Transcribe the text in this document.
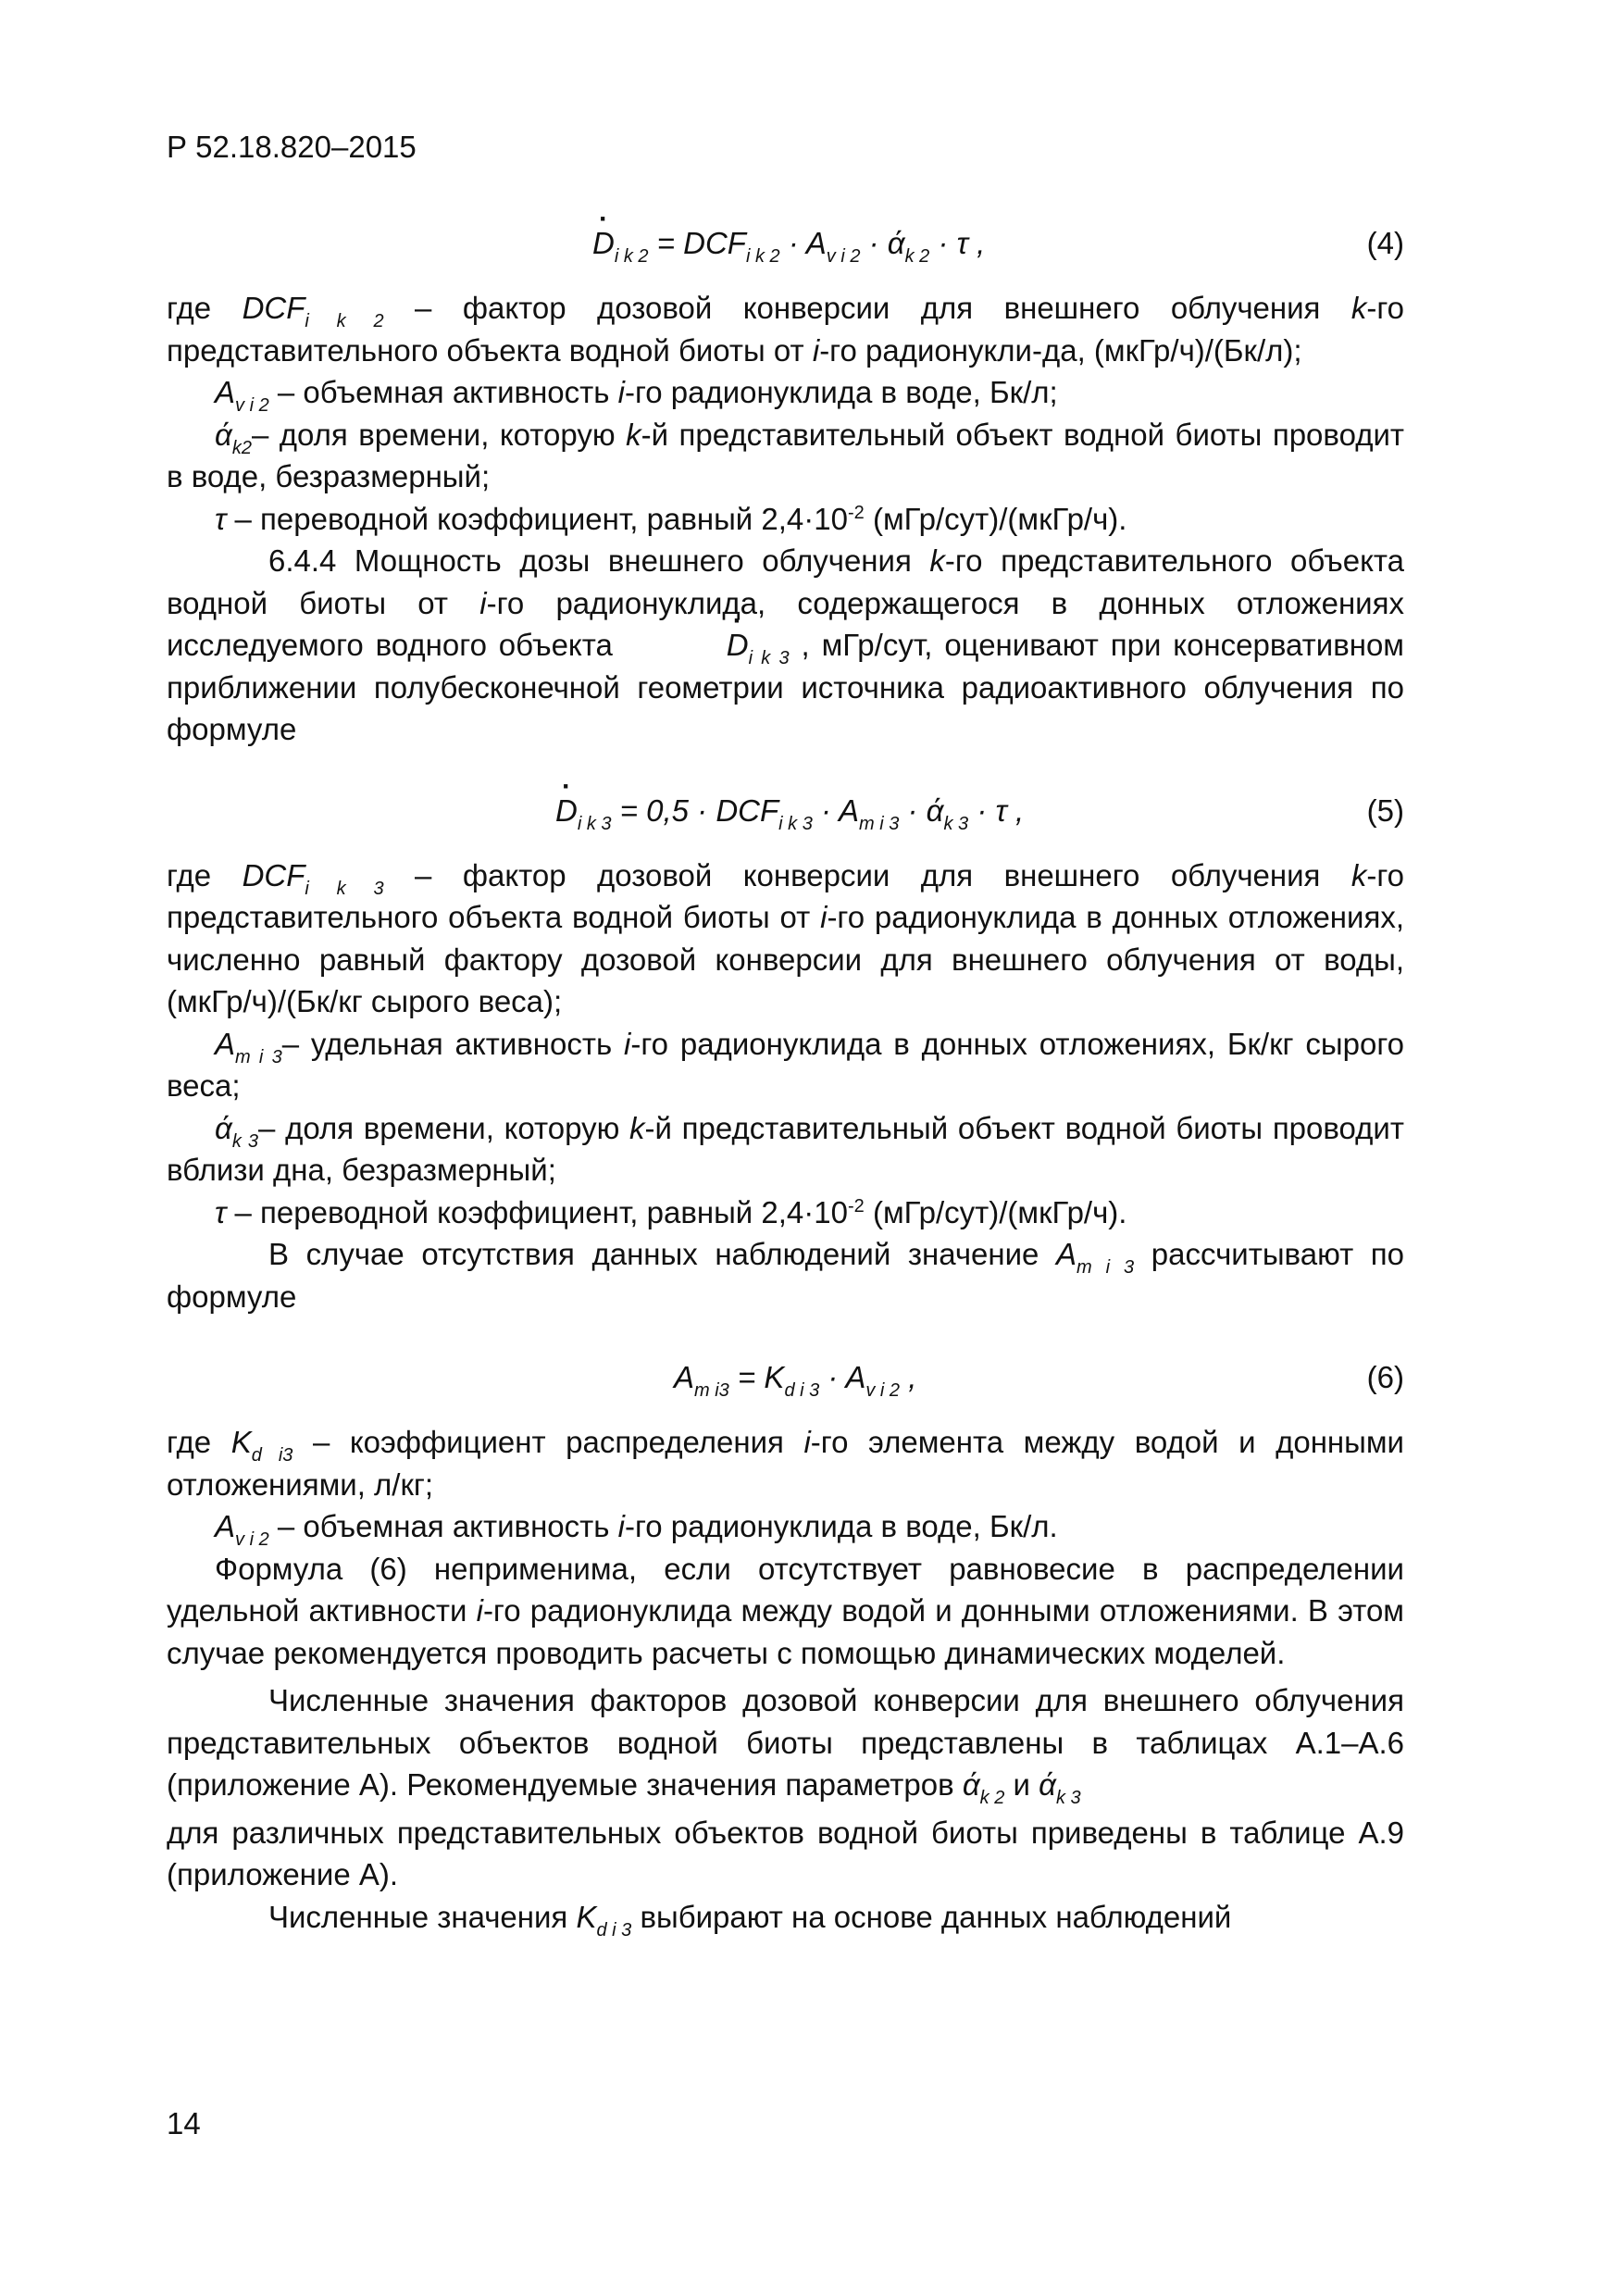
Р 52.18.820–2015
· $D_{i k 2} = DCF_{i k 2} \cdot A_{v i 2} \cdot ά_{k 2} \cdot \tau$ ,	(4)

где $DCF_{i k 2}$ – фактор дозовой конверсии для внешнего облучения k-го представительного объекта водной биоты от i-го радионукли-да, (мкГр/ч)/(Бк/л);

$A_{v i 2}$ – объемная активность i-го радионуклида в воде, Бк/л;

$ά_{k2}-$ доля времени, которую k-й представительный объект водной биоты проводит в воде, безразмерный;

τ – переводной коэффициент, равный $2,4\cdot 10^{-2}$ (мГр/сут)/(мкГр/ч).

6.4.4 Мощность дозы внешнего облучения k-го представительного объекта водной биоты от i-го радионуклида, содержащегося в донных отложениях исследуемого водного объекта ·	$D_{i k 3}$ , мГр/сут, оценивают при консервативном приближении полубесконечной геометрии источника радиоактивного облучения по формуле

· $D_{i k 3} = 0,5 \cdot DCF_{i k 3} \cdot A_{m i 3} \cdot ά_{k 3} \cdot \tau$ ,	(5)

где $DCF_{i k 3}$ – фактор дозовой конверсии для внешнего облучения k-го представительного объекта водной биоты от i-го радионуклида в донных отложениях, численно равный фактору дозовой конверсии для внешнего облучения от воды, (мкГр/ч)/(Бк/кг сырого веса);

$A_{m i 3}-$ удельная активность i-го радионуклида в донных отложениях, Бк/кг сырого веса;

$ά_{k 3}-$ доля времени, которую k-й представительный объект водной биоты проводит вблизи дна, безразмерный;

τ – переводной коэффициент, равный $2,4\cdot 10^{-2}$ (мГр/сут)/(мкГр/ч).

В случае отсутствия данных наблюдений значение $A_{m i 3}$ рассчитывают по формуле

$A_{m i3} = K_{d i 3} \cdot A_{v i 2}$ ,	(6)

где $K_{d i3}$ – коэффициент распределения i-го элемента между водой и донными отложениями, л/кг;

$A_{v i 2}$ – объемная активность i-го радионуклида в воде, Бк/л.

Формула (6) неприменима, если отсутствует равновесие в распределении удельной активности i-го радионуклида между водой и донными отложениями. В этом случае рекомендуется проводить расчеты с помощью динамических моделей.

Численные значения факторов дозовой конверсии для внешнего облучения представительных объектов водной биоты представлены в таблицах А.1–А.6 (приложение А). Рекомендуемые значения параметров $ά_{k 2}$ и $ά_{k 3}$

для различных представительных объектов водной биоты приведены в таблице А.9 (приложение А).

Численные значения $K_{d i 3}$ выбирают на основе данных наблюдений

14
